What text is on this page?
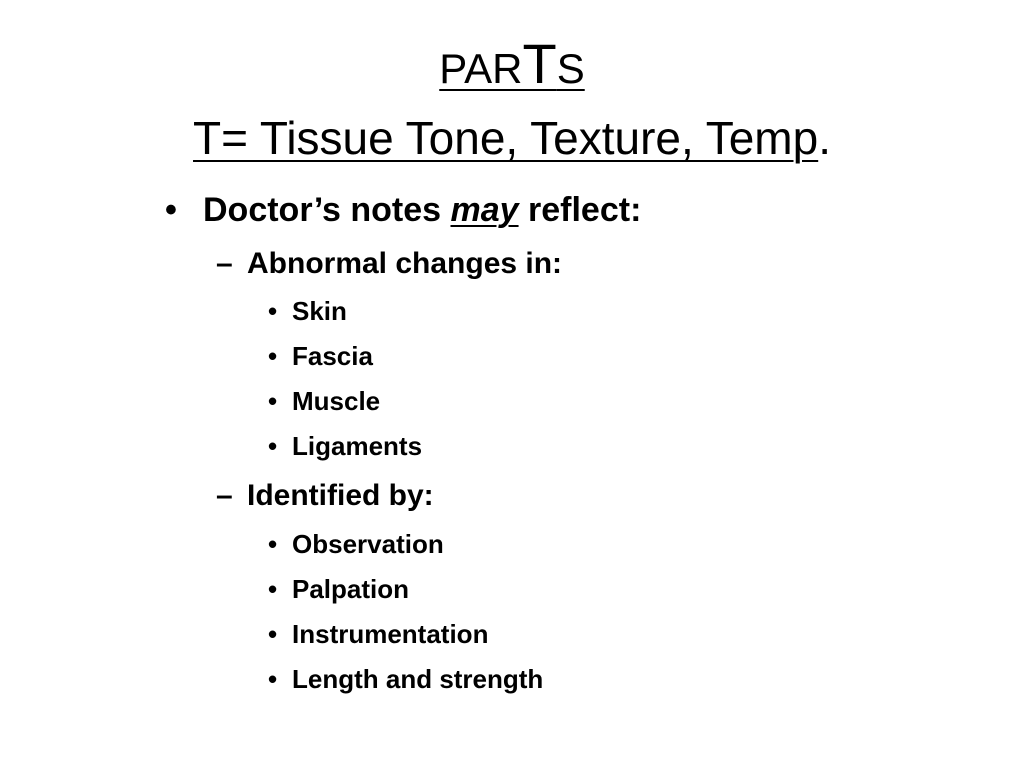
PARTS
T= Tissue Tone, Texture, Temp.
• Doctor’s notes may reflect:
– Abnormal changes in:
• Skin
• Fascia
• Muscle
• Ligaments
– Identified by:
• Observation
• Palpation
• Instrumentation
• Length and strength
